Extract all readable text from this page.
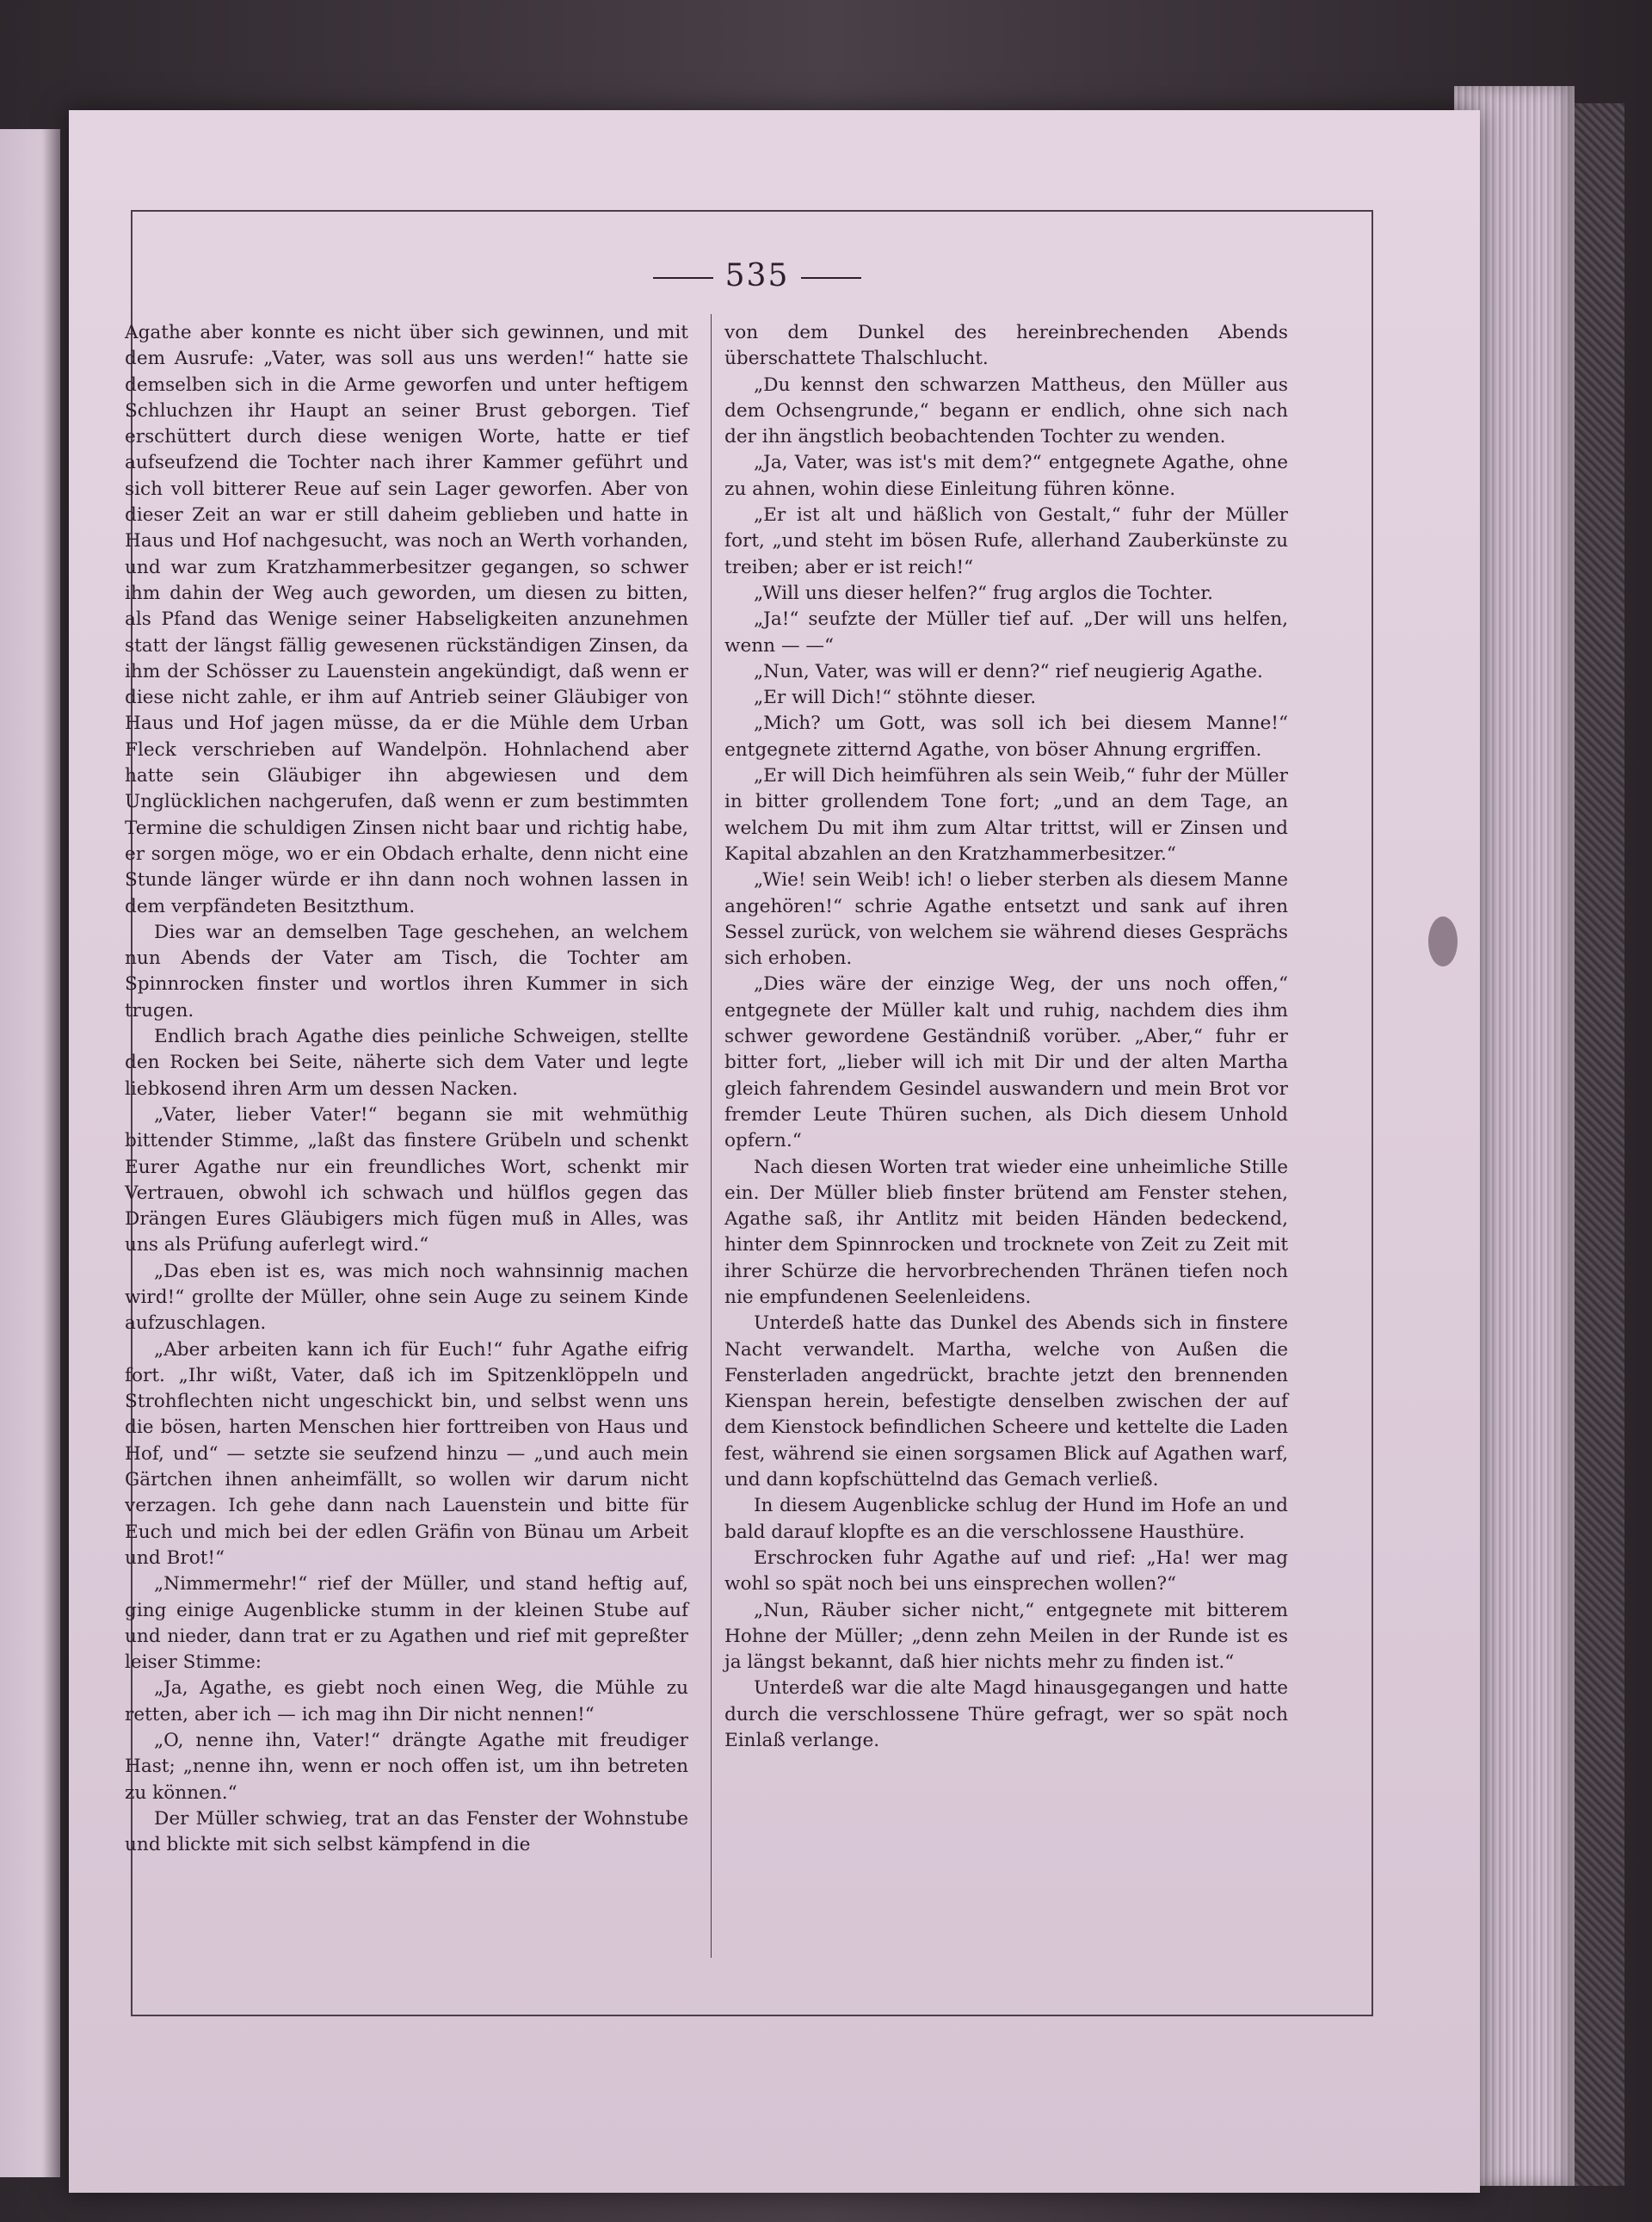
535

Agathe aber konnte es nicht über sich gewinnen, und mit dem Ausrufe: „Vater, was soll aus uns werden!“ hatte sie demselben sich in die Arme geworfen und unter heftigem Schluchzen ihr Haupt an seiner Brust geborgen. Tief erschüttert durch diese wenigen Worte, hatte er tief aufseufzend die Tochter nach ihrer Kammer geführt und sich voll bitterer Reue auf sein Lager geworfen. Aber von dieser Zeit an war er still daheim geblieben und hatte in Haus und Hof nachgesucht, was noch an Werth vorhanden, und war zum Kratzhammerbesitzer gegangen, so schwer ihm dahin der Weg auch geworden, um diesen zu bitten, als Pfand das Wenige seiner Habseligkeiten anzunehmen statt der längst fällig gewesenen rückständigen Zinsen, da ihm der Schösser zu Lauenstein angekündigt, daß wenn er diese nicht zahle, er ihm auf Antrieb seiner Gläubiger von Haus und Hof jagen müsse, da er die Mühle dem Urban Fleck verschrieben auf Wandelpön. Hohnlachend aber hatte sein Gläubiger ihn abgewiesen und dem Unglücklichen nachgerufen, daß wenn er zum bestimmten Termine die schuldigen Zinsen nicht baar und richtig habe, er sorgen möge, wo er ein Obdach erhalte, denn nicht eine Stunde länger würde er ihn dann noch wohnen lassen in dem verpfändeten Besitzthum.

Dies war an demselben Tage geschehen, an welchem nun Abends der Vater am Tisch, die Tochter am Spinnrocken finster und wortlos ihren Kummer in sich trugen.

Endlich brach Agathe dies peinliche Schweigen, stellte den Rocken bei Seite, näherte sich dem Vater und legte liebkosend ihren Arm um dessen Nacken.

„Vater, lieber Vater!“ begann sie mit wehmüthig bittender Stimme, „laßt das finstere Grübeln und schenkt Eurer Agathe nur ein freundliches Wort, schenkt mir Vertrauen, obwohl ich schwach und hülflos gegen das Drängen Eures Gläubigers mich fügen muß in Alles, was uns als Prüfung auferlegt wird.“

„Das eben ist es, was mich noch wahnsinnig machen wird!“ grollte der Müller, ohne sein Auge zu seinem Kinde aufzuschlagen.

„Aber arbeiten kann ich für Euch!“ fuhr Agathe eifrig fort. „Ihr wißt, Vater, daß ich im Spitzenklöppeln und Strohflechten nicht ungeschickt bin, und selbst wenn uns die bösen, harten Menschen hier forttreiben von Haus und Hof, und“ — setzte sie seufzend hinzu — „und auch mein Gärtchen ihnen anheimfällt, so wollen wir darum nicht verzagen. Ich gehe dann nach Lauenstein und bitte für Euch und mich bei der edlen Gräfin von Bünau um Arbeit und Brot!“

„Nimmermehr!“ rief der Müller, und stand heftig auf, ging einige Augenblicke stumm in der kleinen Stube auf und nieder, dann trat er zu Agathen und rief mit gepreßter leiser Stimme:

„Ja, Agathe, es giebt noch einen Weg, die Mühle zu retten, aber ich — ich mag ihn Dir nicht nennen!“

„O, nenne ihn, Vater!“ drängte Agathe mit freudiger Hast; „nenne ihn, wenn er noch offen ist, um ihn betreten zu können.“

Der Müller schwieg, trat an das Fenster der Wohnstube und blickte mit sich selbst kämpfend in die

von dem Dunkel des hereinbrechenden Abends überschattete Thalschlucht.

„Du kennst den schwarzen Mattheus, den Müller aus dem Ochsengrunde,“ begann er endlich, ohne sich nach der ihn ängstlich beobachtenden Tochter zu wenden.

„Ja, Vater, was ist's mit dem?“ entgegnete Agathe, ohne zu ahnen, wohin diese Einleitung führen könne.

„Er ist alt und häßlich von Gestalt,“ fuhr der Müller fort, „und steht im bösen Rufe, allerhand Zauberkünste zu treiben; aber er ist reich!“

„Will uns dieser helfen?“ frug arglos die Tochter.

„Ja!“ seufzte der Müller tief auf. „Der will uns helfen, wenn — —“

„Nun, Vater, was will er denn?“ rief neugierig Agathe.

„Er will Dich!“ stöhnte dieser.

„Mich? um Gott, was soll ich bei diesem Manne!“ entgegnete zitternd Agathe, von böser Ahnung ergriffen.

„Er will Dich heimführen als sein Weib,“ fuhr der Müller in bitter grollendem Tone fort; „und an dem Tage, an welchem Du mit ihm zum Altar trittst, will er Zinsen und Kapital abzahlen an den Kratzhammerbesitzer.“

„Wie! sein Weib! ich! o lieber sterben als diesem Manne angehören!“ schrie Agathe entsetzt und sank auf ihren Sessel zurück, von welchem sie während dieses Gesprächs sich erhoben.

„Dies wäre der einzige Weg, der uns noch offen,“ entgegnete der Müller kalt und ruhig, nachdem dies ihm schwer gewordene Geständniß vorüber. „Aber,“ fuhr er bitter fort, „lieber will ich mit Dir und der alten Martha gleich fahrendem Gesindel auswandern und mein Brot vor fremder Leute Thüren suchen, als Dich diesem Unhold opfern.“

Nach diesen Worten trat wieder eine unheimliche Stille ein. Der Müller blieb finster brütend am Fenster stehen, Agathe saß, ihr Antlitz mit beiden Händen bedeckend, hinter dem Spinnrocken und trocknete von Zeit zu Zeit mit ihrer Schürze die hervorbrechenden Thränen tiefen noch nie empfundenen Seelenleidens.

Unterdeß hatte das Dunkel des Abends sich in finstere Nacht verwandelt. Martha, welche von Außen die Fensterladen angedrückt, brachte jetzt den brennenden Kienspan herein, befestigte denselben zwischen der auf dem Kienstock befindlichen Scheere und kettelte die Laden fest, während sie einen sorgsamen Blick auf Agathen warf, und dann kopfschüttelnd das Gemach verließ.

In diesem Augenblicke schlug der Hund im Hofe an und bald darauf klopfte es an die verschlossene Hausthüre.

Erschrocken fuhr Agathe auf und rief: „Ha! wer mag wohl so spät noch bei uns einsprechen wollen?“

„Nun, Räuber sicher nicht,“ entgegnete mit bitterem Hohne der Müller; „denn zehn Meilen in der Runde ist es ja längst bekannt, daß hier nichts mehr zu finden ist.“

Unterdeß war die alte Magd hinausgegangen und hatte durch die verschlossene Thüre gefragt, wer so spät noch Einlaß verlange.
